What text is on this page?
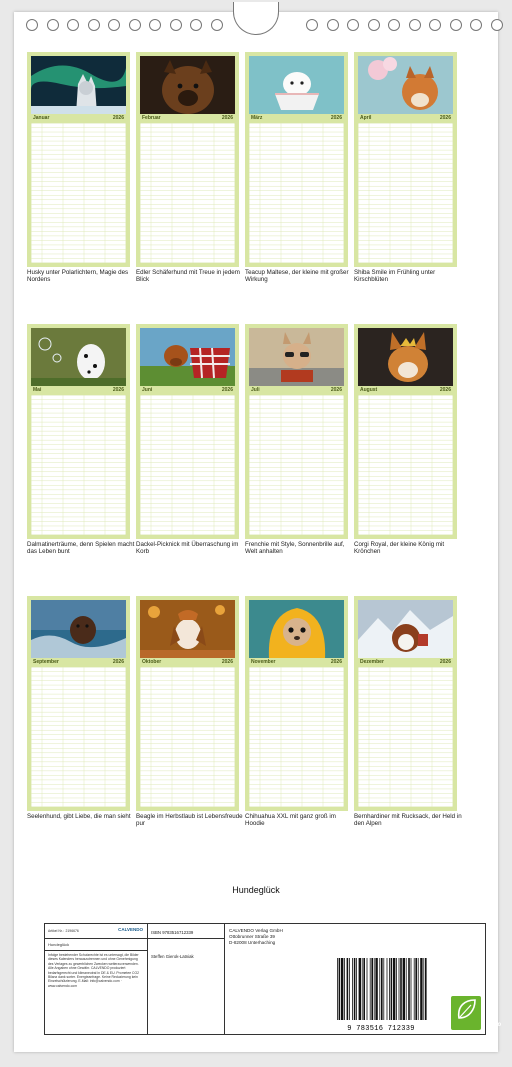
Januar	2026
Husky unter Polarlichtern, Magie des Nordens
Februar	2026
Edler Schäferhund mit Treue in jedem Blick
März	2026
Teacup Maltese, der kleine mit großer Wirkung
April	2026
Shiba Smile im Frühling unter Kirschblüten
Mai	2026
Dalmatinerträume, denn Spielen macht das Leben bunt
Juni	2026
Dackel-Picknick mit Überraschung im Korb
Juli	2026
Frenchie mit Style, Sonnenbrille auf, Welt anhalten
August	2026
Corgi Royal, der kleine König mit Krönchen
September	2026
Seelenhund, gibt Liebe, die man sieht
Oktober	2026
Beagle im Herbstlaub ist Lebensfreude pur
November	2026
Chihuahua XXL mit ganz groß im Hoodie
Dezember	2026
Bernhardiner mit Rucksack, der Held in den Alpen
Hundeglück
Artikel Nr.:  2196676	CALVENDO
Hundeglück
Infolge bestehender Schutzrechte ist es untersagt, die Bilder dieses Kalenders herauszutrennen und ohne Genehmigung des Verlages zu gewerblichen Zwecken weiterzuverwenden. Alle Angaben ohne Gewähr. CALVENDO produziert bedarfsgerecht und klimaneutral in DE & EU. Prometee CO2 Bilanz dank sorter. Energieanfrage. Keine Reduzierung kein Einzelschützierung. E-Mail: info@calvendo.com · www.calvendo.com
ISBN 9783516712339
Steffen Gierok-Latniak
CALVENDO Verlag GmbH
Ottobrunner Straße 39
D-82008 Unterhaching
9 783516 712339	eco
